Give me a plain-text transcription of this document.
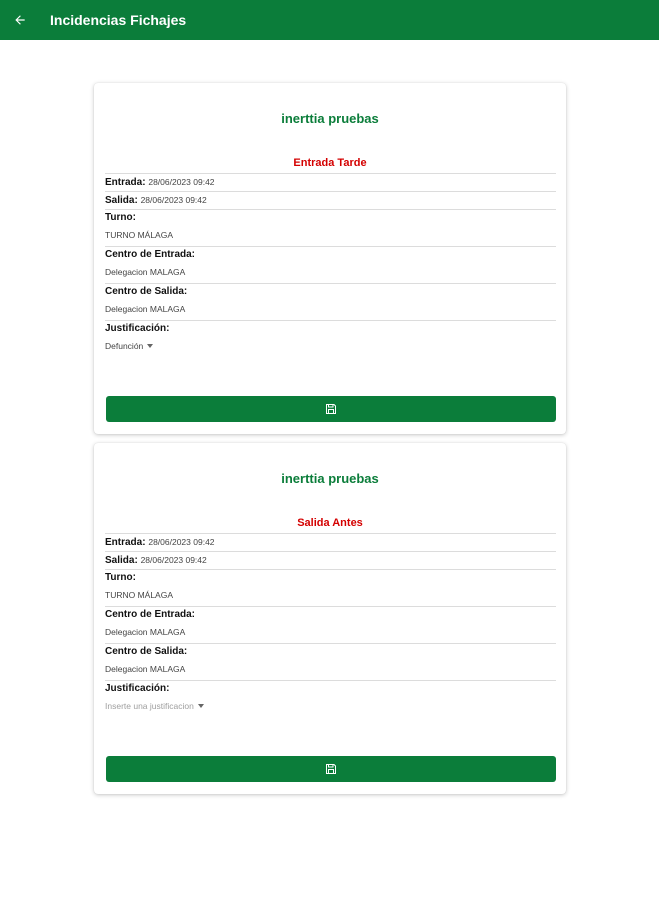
Incidencias Fichajes
inerttia pruebas
Entrada Tarde
Entrada: 28/06/2023 09:42
Salida: 28/06/2023 09:42
Turno:
TURNO MÁLAGA
Centro de Entrada:
Delegacion MALAGA
Centro de Salida:
Delegacion MALAGA
Justificación:

Defunción
inerttia pruebas
Salida Antes
Entrada: 28/06/2023 09:42
Salida: 28/06/2023 09:42
Turno:
TURNO MÁLAGA
Centro de Entrada:
Delegacion MALAGA
Centro de Salida:
Delegacion MALAGA
Justificación:

Inserte una justificacion
